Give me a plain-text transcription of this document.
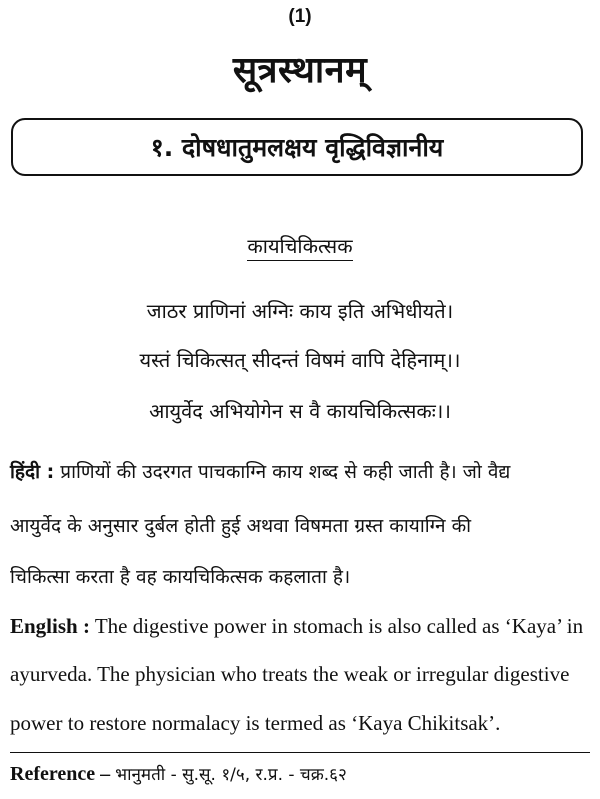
(1)
सूत्रस्थानम्
१. दोषधातुमलक्षय वृद्धिविज्ञानीय
कायचिकित्सक
जाठर प्राणिनां अग्निः काय इति अभिधीयते।
यस्तं चिकित्सत् सीदन्तं विषमं वापि देहिनाम्।।
आयुर्वेद अभियोगेन स वै कायचिकित्सकः।।
हिंदी : प्राणियों की उदरगत पाचकाग्नि काय शब्द से कही जाती है। जो वैद्य
आयुर्वेद के अनुसार दुर्बल होती हुई अथवा विषमता ग्रस्त कायाग्नि की
चिकित्सा करता है वह कायचिकित्सक कहलाता है।
English : The digestive power in stomach is also called as ‘Kaya’ in
ayurveda. The physician who treats the weak or irregular digestive
power to restore normalacy is termed as ‘Kaya Chikitsak’.
Reference – भानुमती - सु.सू. १/५, र.प्र. - चक्र.६२
